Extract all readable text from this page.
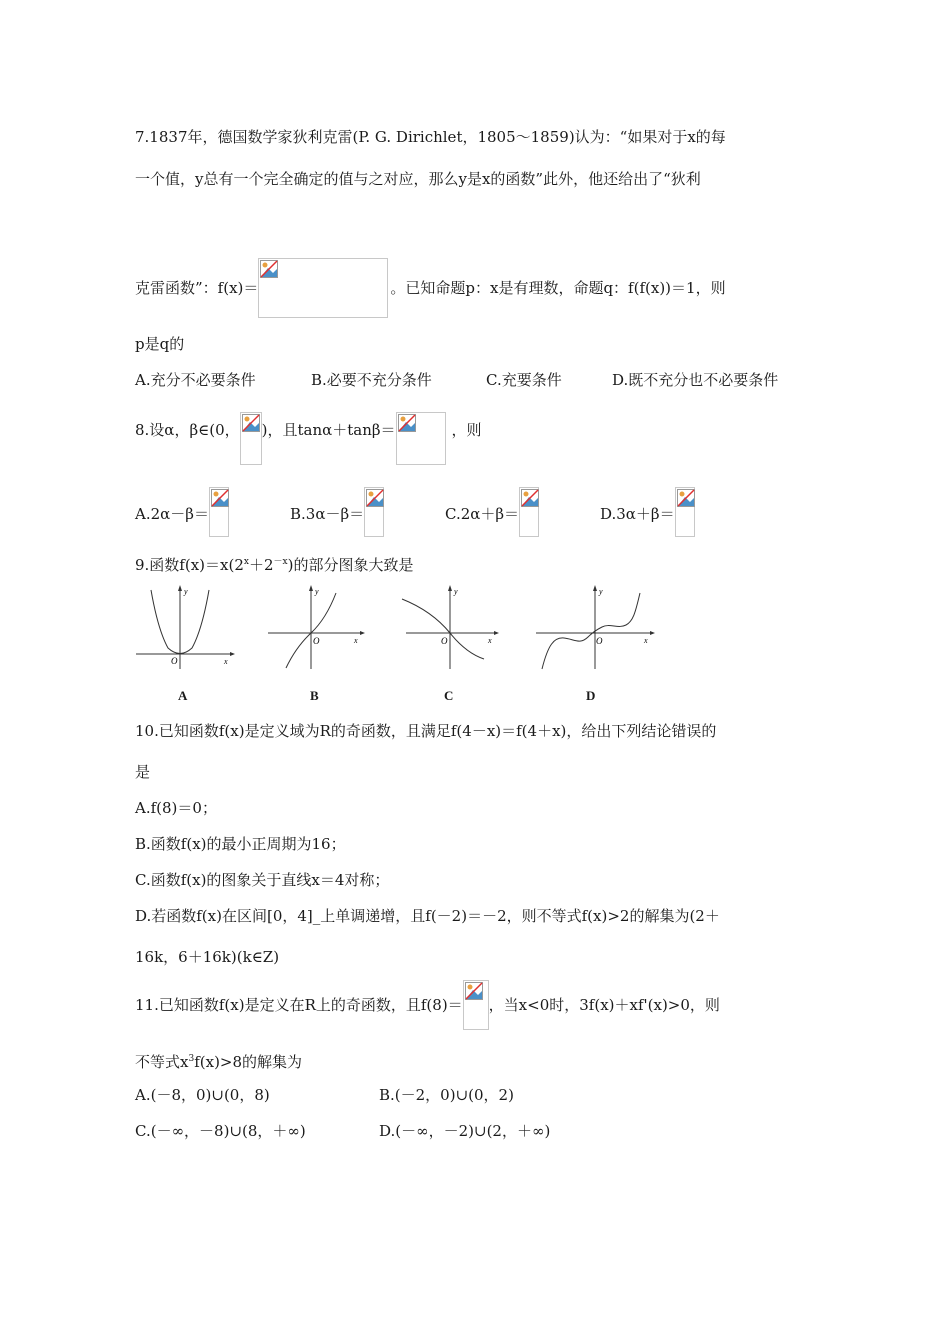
7.1837年，德国数学家狄利克雷(P. G. Dirichlet，1805～1859)认为：“如果对于x的每
一个值，y总有一个完全确定的值与之对应，那么y是x的函数”此外，他还给出了“狄利
克雷函数”：f(x)＝	。已知命题p：x是有理数，命题q：f(f(x))＝1，则
p是q的
A.充分不必要条件	B.必要不充分条件	C.充要条件	D.既不充分也不必要条件
8.设α，β∈(0， )，且tanα＋tanβ＝	，则
A.2α－β＝	B.3α－β＝	C.2α＋β＝	D.3α＋β＝
9.函数$f(x)=x(2^x+2^{-x})$的部分图象大致是
x
y
O
A
x
y
O
B
x
y
O
C
x
y
O
D
10.已知函数f(x)是定义域为R的奇函数，且满足f(4－x)＝f(4＋x)，给出下列结论错误的
是
A.f(8)＝0；
B.函数f(x)的最小正周期为16；
C.函数f(x)的图象关于直线x＝4对称；
D.若函数f(x)在区间[0，4]_上单调递增，且f(－2)＝－2，则不等式f(x)>2的解集为(2＋
16k，6＋16k)(k∈Z)
11.已知函数f(x)是定义在R上的奇函数，且f(8)＝ ，当x<0时，3f(x)＋xf'(x)>0，则
不等式$x^3f(x)>8$的解集为
A.(－8，0)∪(0，8)	B.(－2，0)∪(0，2)
C.(－∞，－8)∪(8，＋∞)	D.(－∞，－2)∪(2，＋∞)
